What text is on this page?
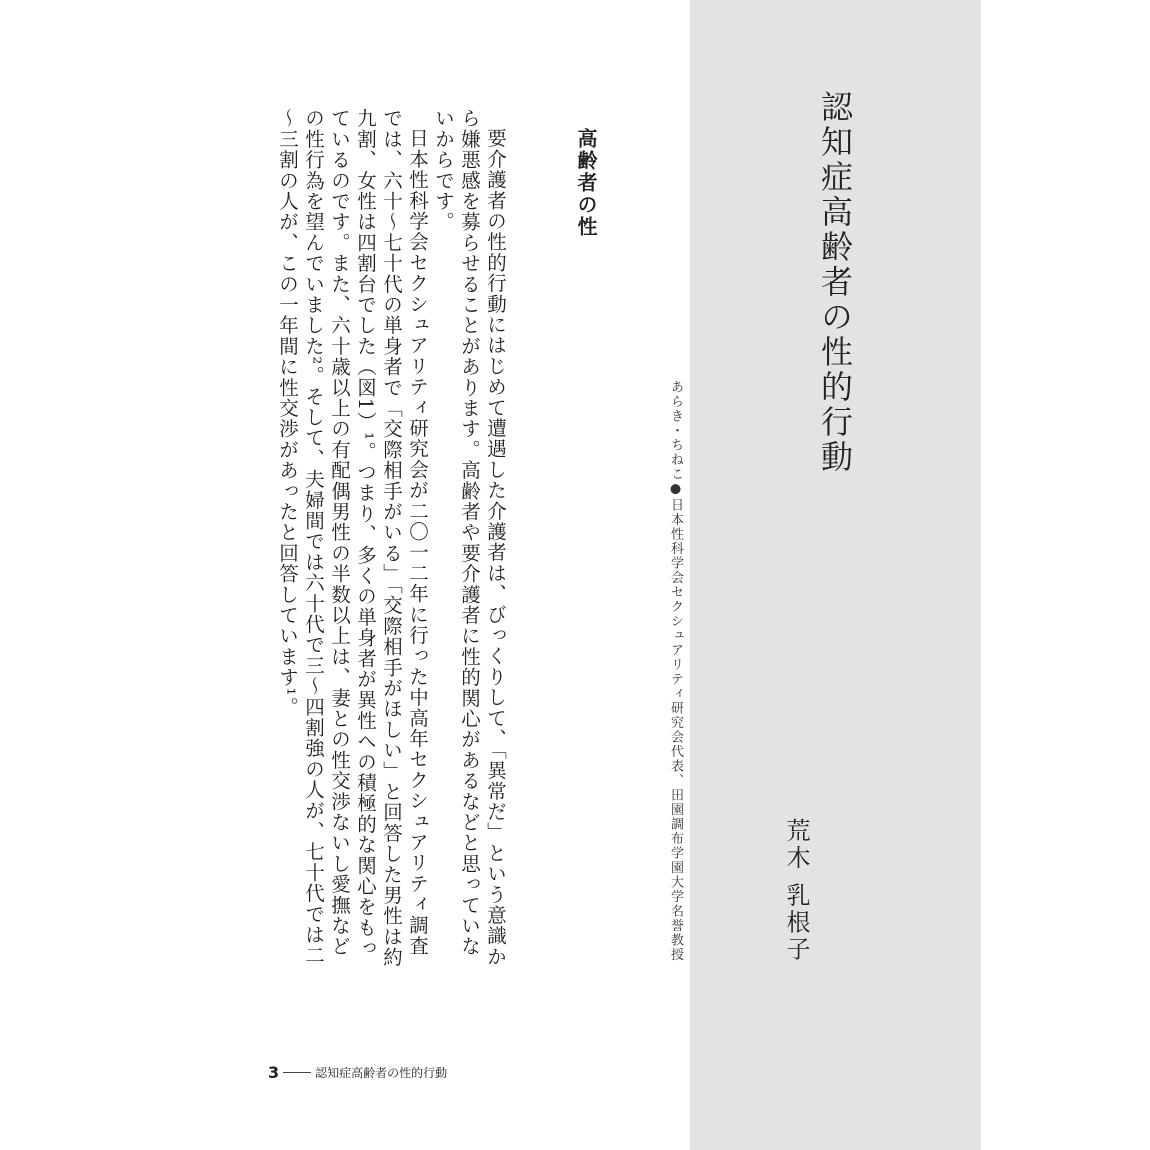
認知症高齢者の性的行動
あらき・ちねこ●日本性科学会セクシュアリティ研究会代表、田園調布学園大学名誉教授	荒木 乳根子
高齢者の性

要介護者の性的行動にはじめて遭遇した介護者は、びっくりして、「異常だ」という意識から嫌悪感を募らせることがあります。高齢者や要介護者に性的関心があるなどと思っていないからです。

日本性科学会セクシュアリティ研究会が二〇一二年に行った中高年セクシュアリティ調査では、六十～七十代の単身者で「交際相手がいる」「交際相手がほしい」と回答した男性は約九割、女性は四割台でした（図1）¹。つまり、多くの単身者が異性への積極的な関心をもっているのです。また、六十歳以上の有配偶男性の半数以上は、妻との性交渉ないし愛撫などの性行為を望んでいました²。そして、夫婦間では六十代で三～四割強の人が、七十代では二～三割の人が、この一年間に性交渉があったと回答しています¹。

3	認知症高齢者の性的行動
